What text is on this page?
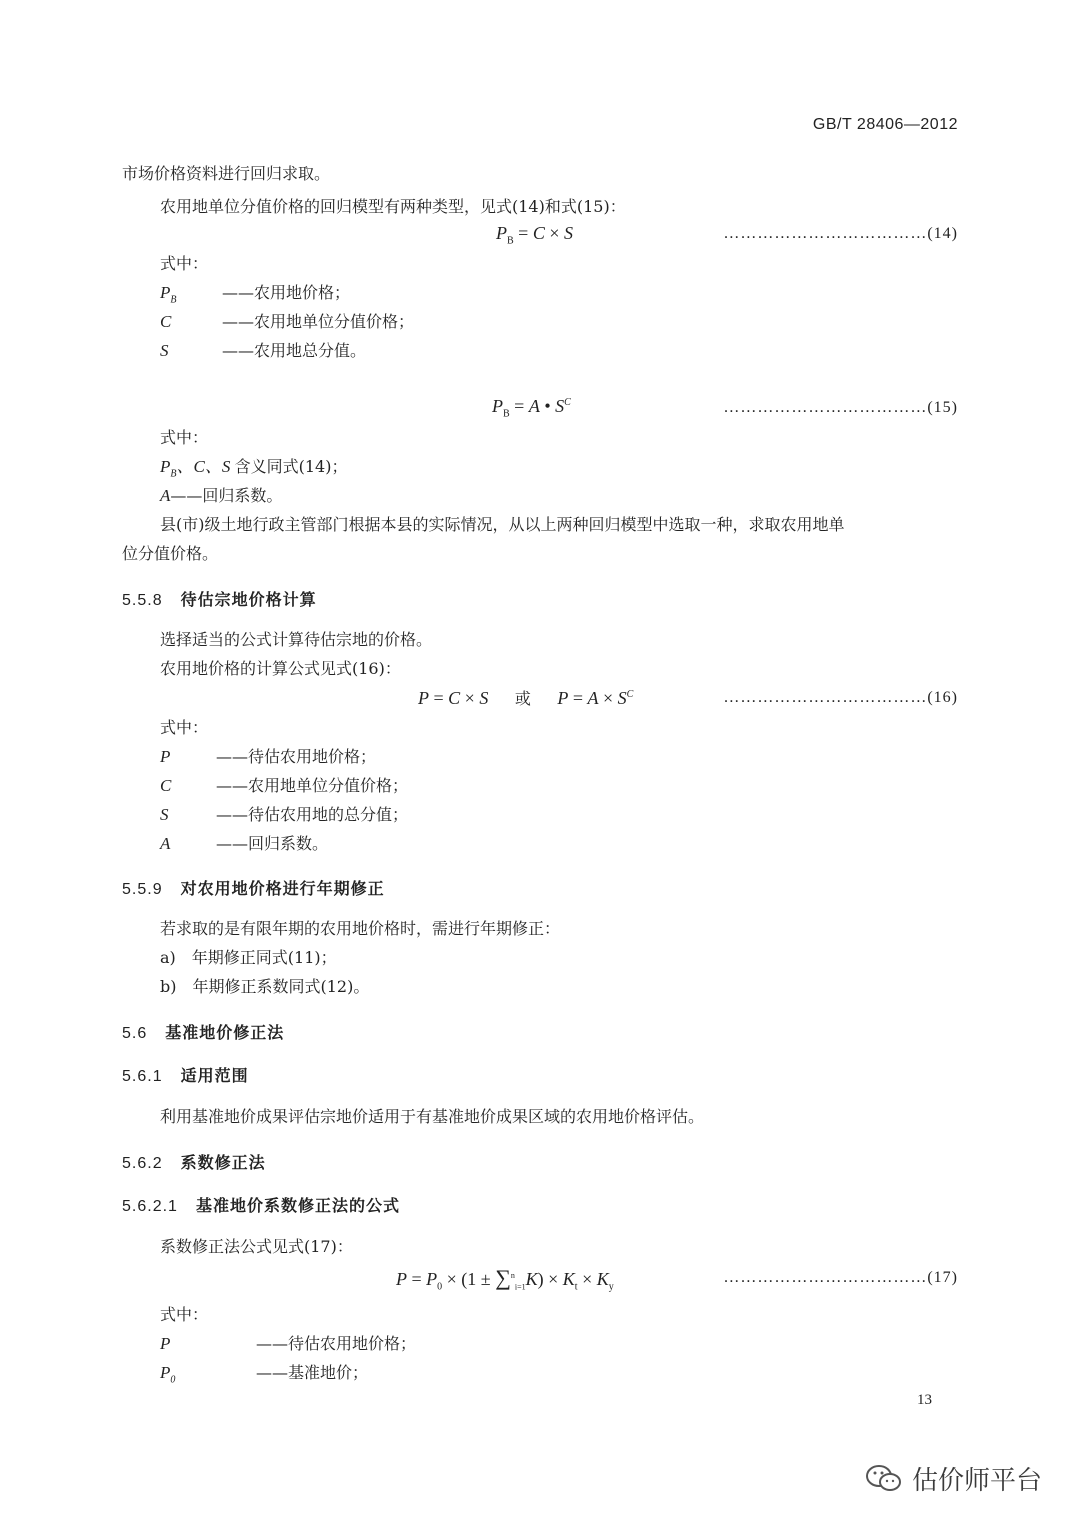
GB/T 28406—2012
市场价格资料进行回归求取。
农用地单位分值价格的回归模型有两种类型，见式(14)和式(15)：
$P_B = C \times S$	………………………………(14)
式中：
$P_B$	——农用地价格；
C	——农用地单位分值价格；
S	——农用地总分值。
$P_B = A$ • $S^C$	………………………………(15)
式中：
$P_B$、C、S 含义同式(14)；
A——回归系数。
县(市)级土地行政主管部门根据本县的实际情况，从以上两种回归模型中选取一种，求取农用地单
位分值价格。
5.5.8 待估宗地价格计算
选择适当的公式计算待估宗地的价格。
农用地价格的计算公式见式(16)：
P = C × S 或 $P = A \times S^C$	………………………………(16)
式中：
P	——待估农用地价格；
C	——农用地单位分值价格；
S	——待估农用地的总分值；
A	——回归系数。
5.5.9 对农用地价格进行年期修正
若求取的是有限年期的农用地价格时，需进行年期修正：
a)　年期修正同式(11)；
b)　年期修正系数同式(12)。
5.6 基准地价修正法
5.6.1 适用范围
利用基准地价成果评估宗地价适用于有基准地价成果区域的农用地价格评估。
5.6.2 系数修正法
5.6.2.1 基准地价系数修正法的公式
系数修正法公式见式(17)：
$P = P_0 \times (1 \pm \sum^n_{i=1}K) \times K_t \times K_y$
………………………………(17)
式中：
P	——待估农用地价格；
$P_0$	——基准地价；
13
估价师平台
